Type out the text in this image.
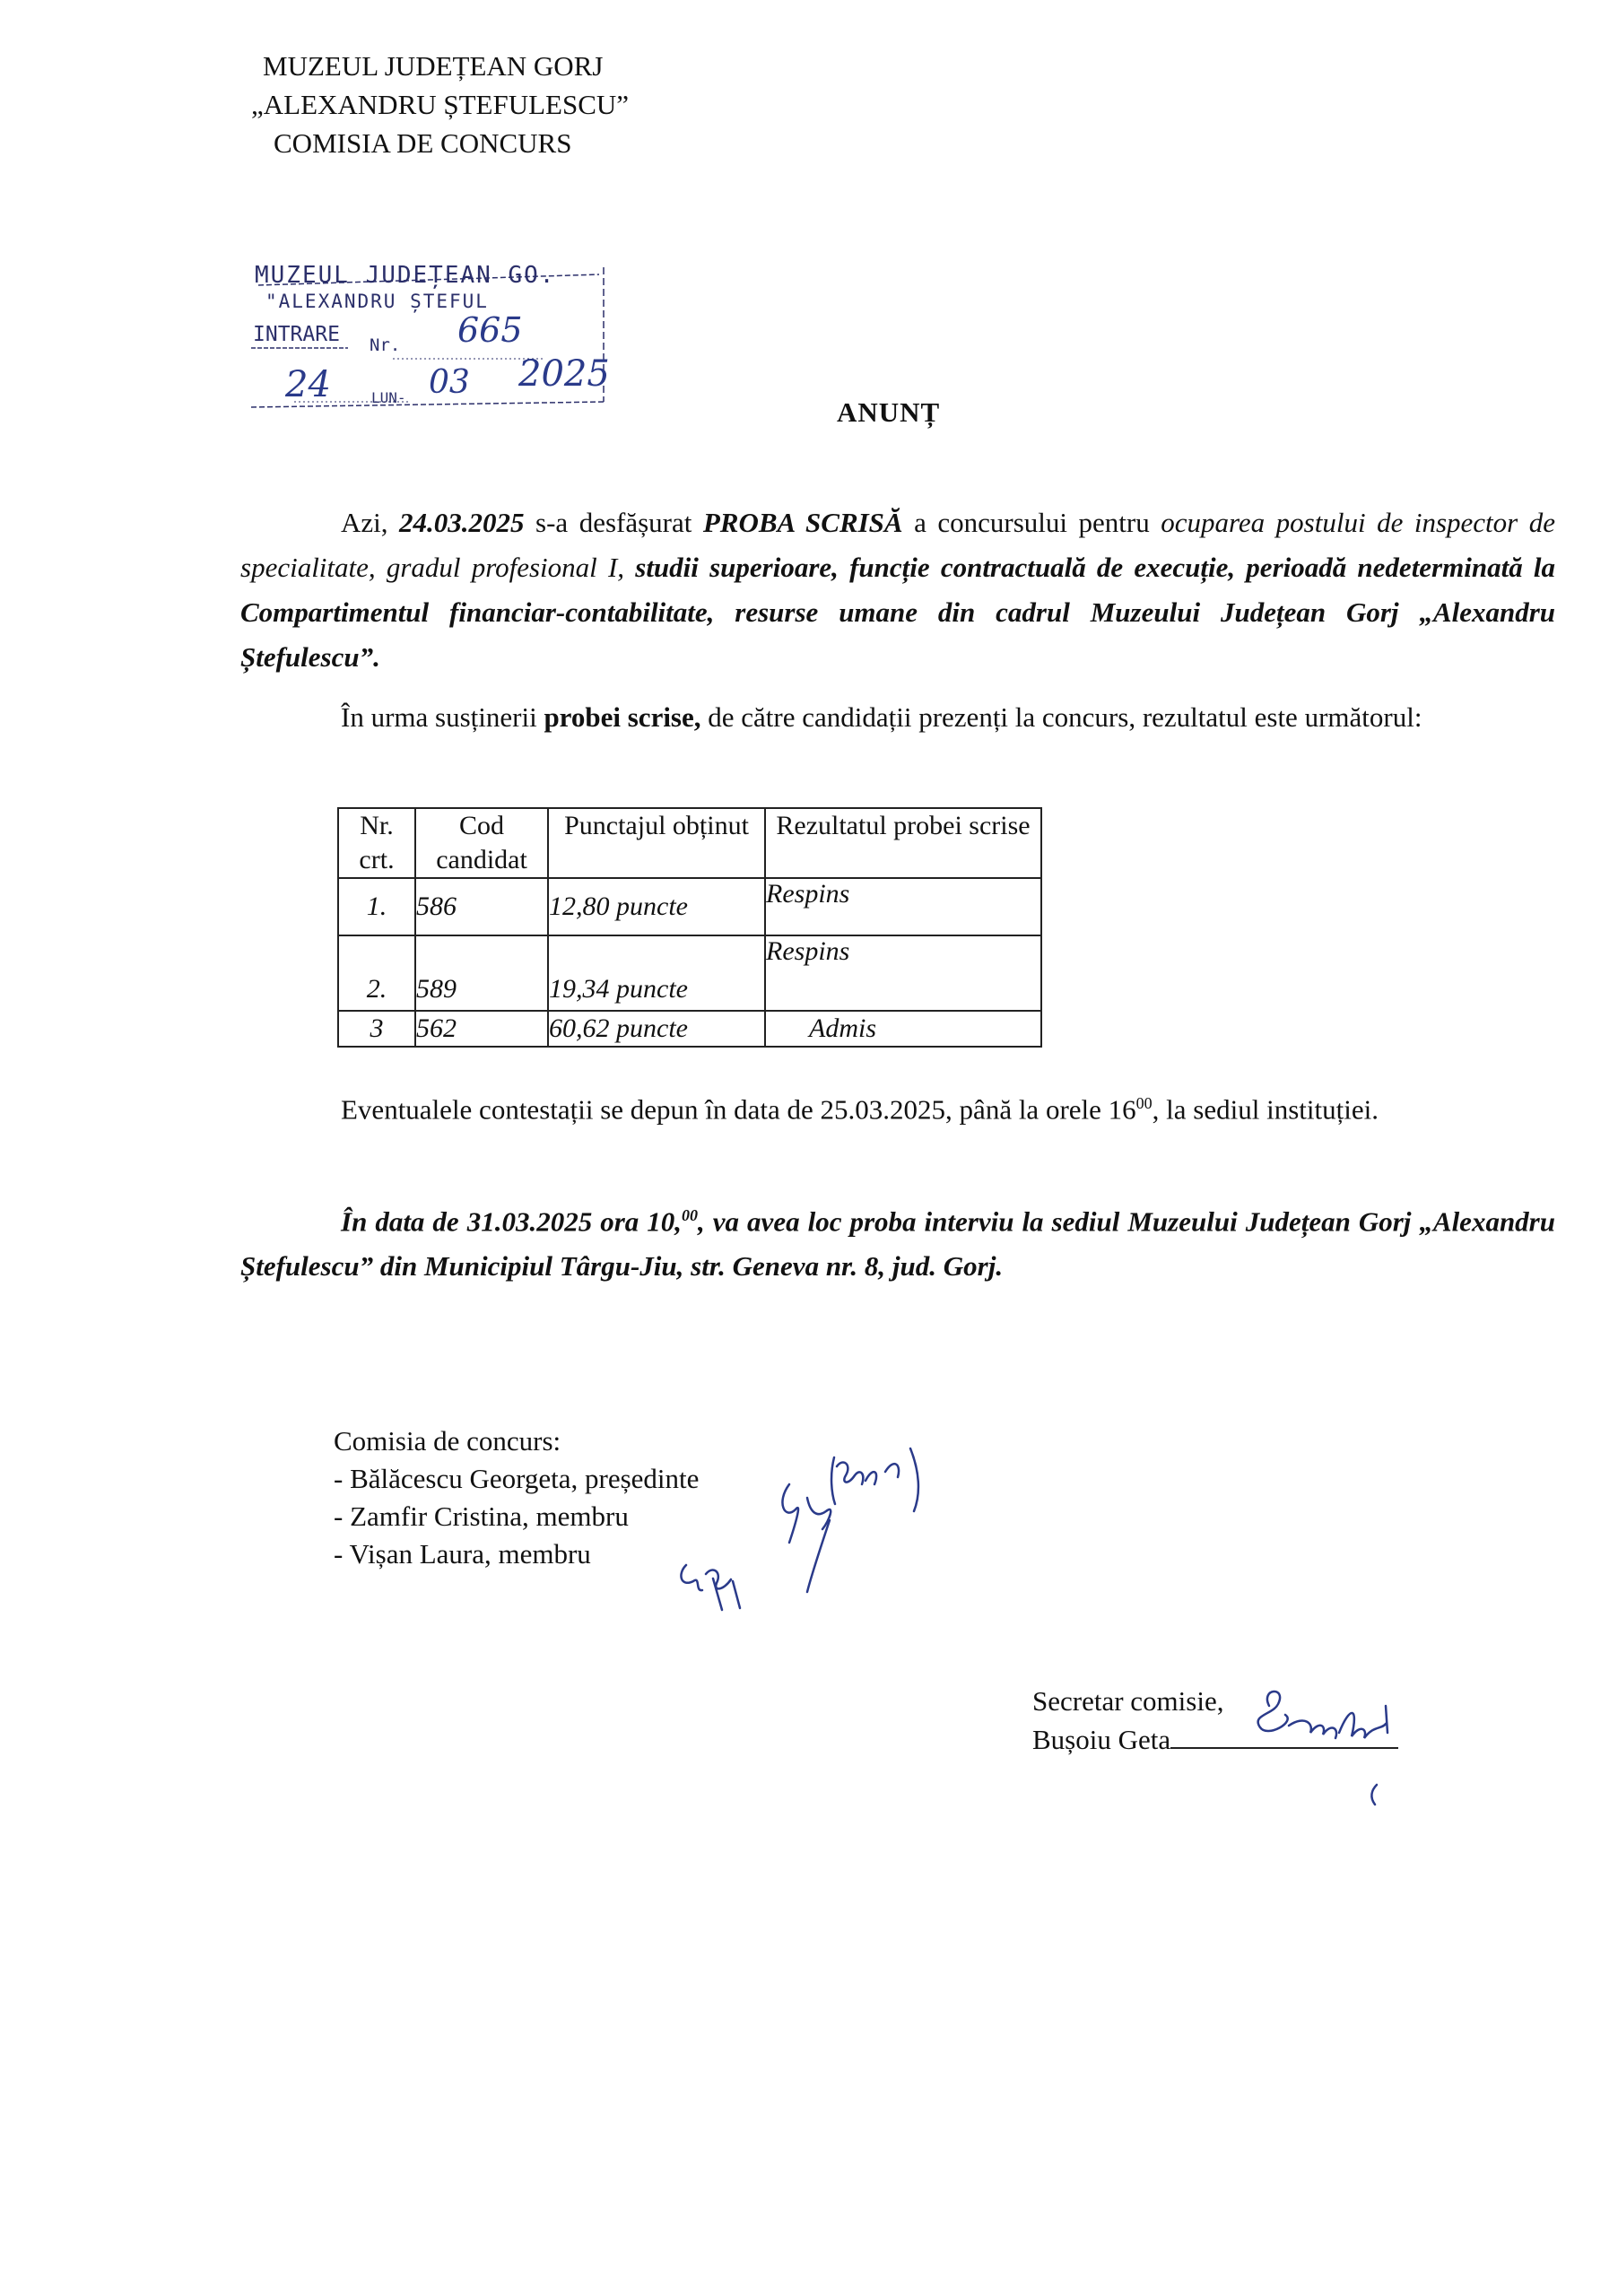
MUZEUL JUDEȚEAN GORJ
„ALEXANDRU ȘTEFULESCU”
COMISIA DE CONCURS
MUZEUL JUDEȚEAN GO.
"ALEXANDRU ȘTEFUL
INTRARE Nr. 665
24	LUN- 03 2025
ANUNȚ
Azi, 24.03.2025 s-a desfășurat PROBA SCRISĂ a concursului pentru ocuparea postului de inspector de specialitate, gradul profesional I, studii superioare, funcție contractuală de execuție, perioadă nedeterminată la Compartimentul financiar-contabilitate, resurse umane din cadrul Muzeului Județean Gorj „Alexandru Ștefulescu”.
În urma susținerii probei scrise, de către candidații prezenți la concurs, rezultatul este următorul:
Nr. crt.	Cod candidat	Punctajul obținut	Rezultatul probei scrise
1.	586	12,80 puncte	Respins
2.	589	19,34 puncte	Respins
3	562	60,62 puncte	Admis
Eventualele contestații se depun în data de 25.03.2025, până la orele $16^{00}$, la sediul instituției.
În data de 31.03.2025 ora 10,00, va avea loc proba interviu la sediul Muzeului Județean Gorj „Alexandru Ștefulescu” din Municipiul Târgu-Jiu, str. Geneva nr. 8, jud. Gorj.
Comisia de concurs:
- Bălăcescu Georgeta, președinte
- Zamfir Cristina, membru
- Vișan Laura, membru
Secretar comisie,
Bușoiu Geta
